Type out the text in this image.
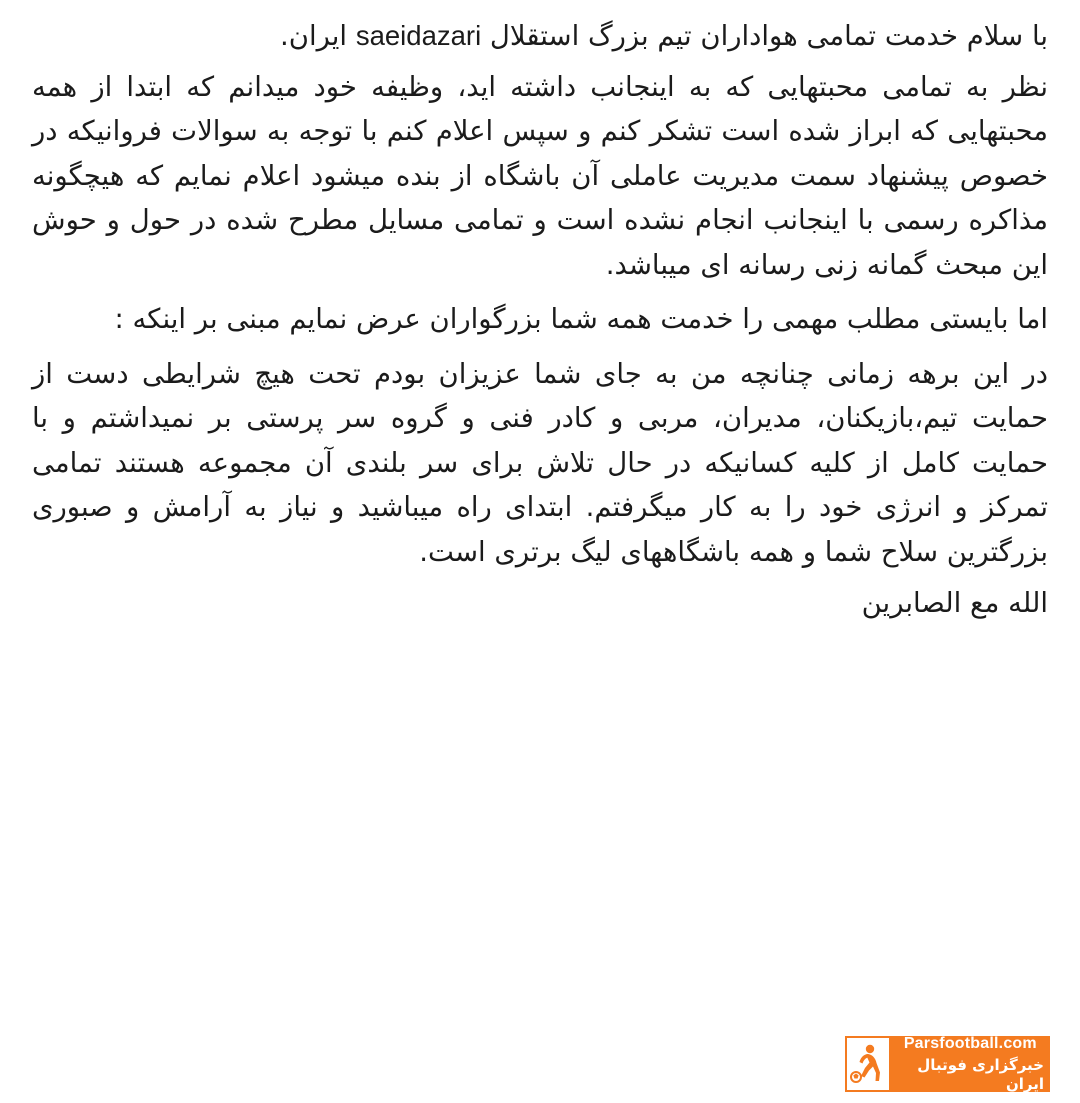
با سلام خدمت تمامی هواداران تیم بزرگ استقلال saeidazari ایران.

نظر به تمامی محبتهایی که به اینجانب داشته اید، وظیفه خود میدانم که ابتدا از همه محبتهایی که ابراز شده است تشکر کنم و سپس اعلام کنم با توجه به سوالات فروانیکه در خصوص پیشنهاد سمت مدیریت عاملی آن باشگاه از بنده میشود اعلام نمایم که هیچگونه مذاکره رسمی با اینجانب انجام نشده است و تمامی مسایل مطرح شده در حول و حوش این مبحث گمانه زنی رسانه ای میباشد.

اما بایستی مطلب مهمی را خدمت همه شما بزرگواران عرض نمایم مبنی بر اینکه :

در این برهه زمانی چنانچه من به جای شما عزیزان بودم تحت هیچ شرایطی دست از حمایت تیم،بازیکنان، مدیران، مربی و کادر فنی و گروه سر پرستی بر نمیداشتم و با حمایت کامل از کلیه کسانیکه در حال تلاش برای سر بلندی آن مجموعه هستند تمامی تمرکز و انرژی خود را به کار میگرفتم. ابتدای راه میباشید و نیاز به آرامش و صبوری بزرگترین سلاح شما و همه باشگاههای لیگ برتری است.

الله مع الصابرین

Parsfootball.com
خبرگزاری فوتبال ایران
